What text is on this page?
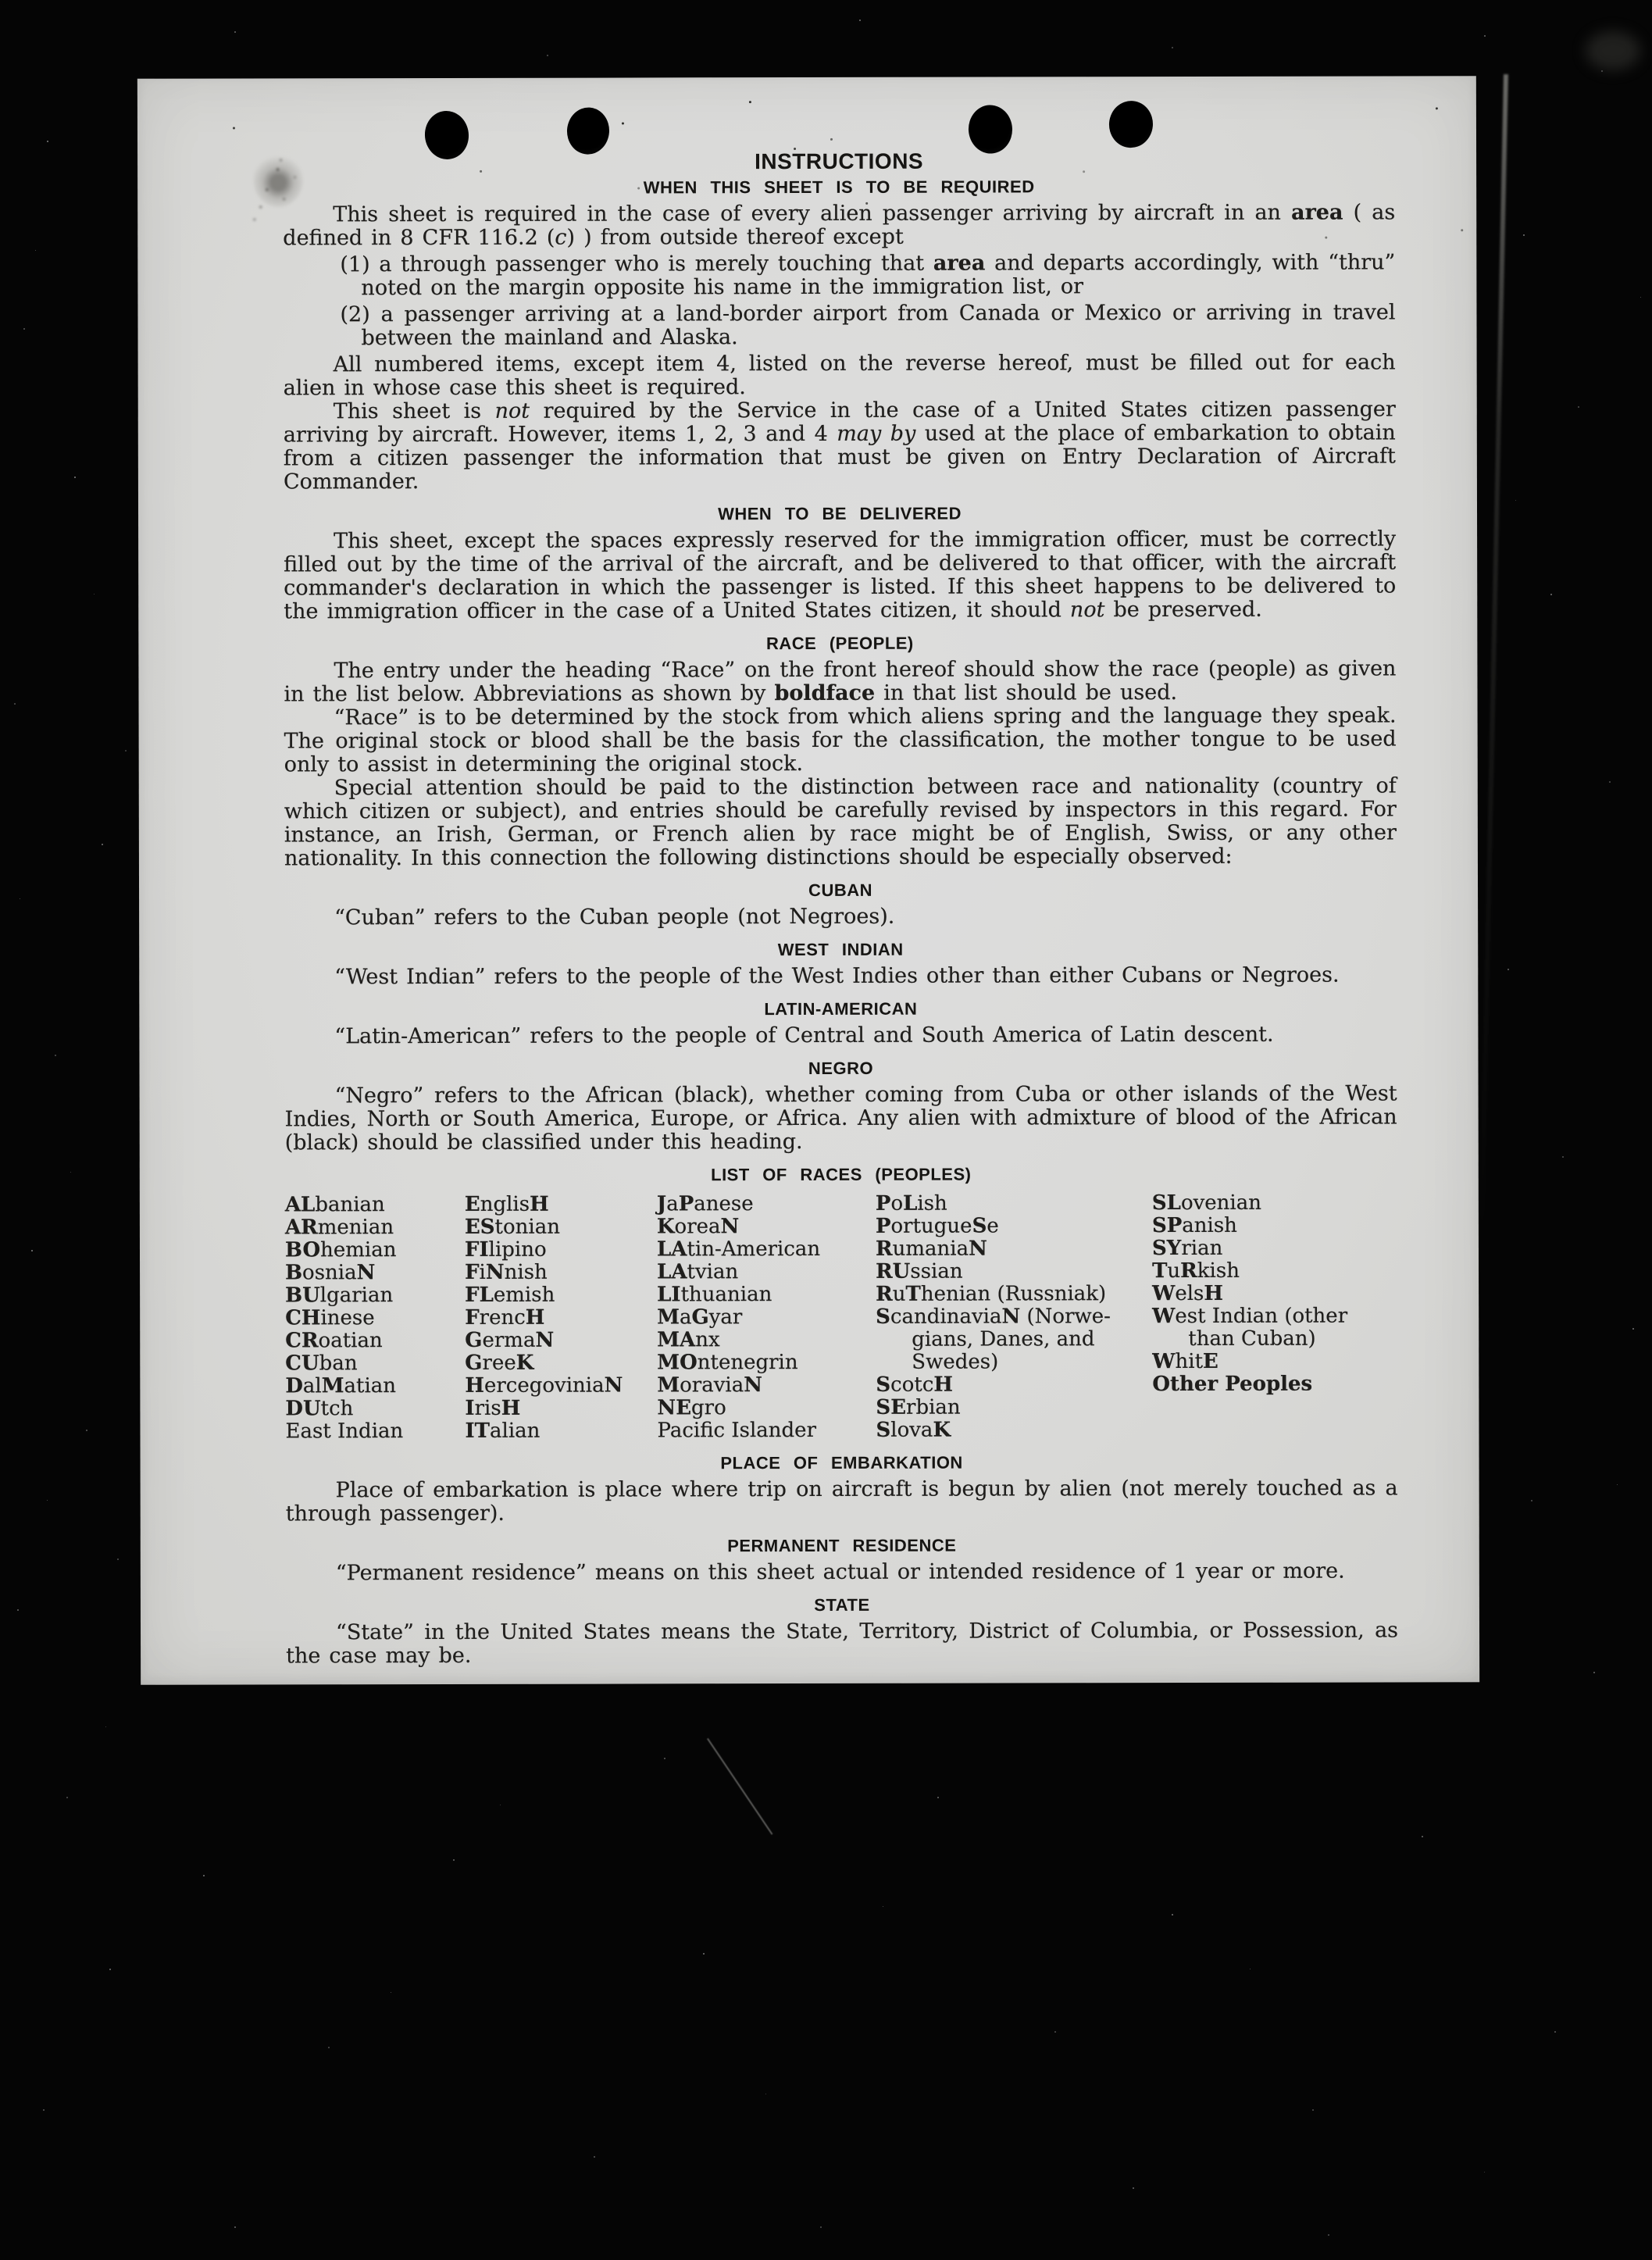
INSTRUCTIONS
WHEN THIS SHEET IS TO BE REQUIRED

This sheet is required in the case of every alien passenger arriving by aircraft in an area ( as defined in 8 CFR 116.2 (c) ) from outside thereof except

(1) a through passenger who is merely touching that area and departs accordingly, with “thru” noted on the margin opposite his name in the immigration list, or
(2) a passenger arriving at a land-border airport from Canada or Mexico or arriving in travel between the mainland and Alaska.

All numbered items, except item 4, listed on the reverse hereof, must be filled out for each alien in whose case this sheet is required.

This sheet is not required by the Service in the case of a United States citizen passenger arriving by aircraft. However, items 1, 2, 3 and 4 may by used at the place of embarkation to obtain from a citizen passenger the information that must be given on Entry Declaration of Aircraft Commander.

WHEN TO BE DELIVERED

This sheet, except the spaces expressly reserved for the immigration officer, must be correctly filled out by the time of the arrival of the aircraft, and be delivered to that officer, with the aircraft commander's declaration in which the passenger is listed. If this sheet happens to be delivered to the immigration officer in the case of a United States citizen, it should not be preserved.

RACE (PEOPLE)

The entry under the heading “Race” on the front hereof should show the race (people) as given in the list below. Abbreviations as shown by boldface in that list should be used.

“Race” is to be determined by the stock from which aliens spring and the language they speak. The original stock or blood shall be the basis for the classification, the mother tongue to be used only to assist in determining the original stock.

Special attention should be paid to the distinction between race and nationality (country of which citizen or subject), and entries should be carefully revised by inspectors in this regard. For instance, an Irish, German, or French alien by race might be of English, Swiss, or any other nationality. In this connection the following distinctions should be especially observed:

CUBAN

“Cuban” refers to the Cuban people (not Negroes).

WEST INDIAN

“West Indian” refers to the people of the West Indies other than either Cubans or Negroes.

LATIN-AMERICAN

“Latin-American” refers to the people of Central and South America of Latin descent.

NEGRO

“Negro” refers to the African (black), whether coming from Cuba or other islands of the West Indies, North or South America, Europe, or Africa. Any alien with admixture of blood of the African (black) should be classified under this heading.

LIST OF RACES (PEOPLES)
ALbanian
ARmenian
BOhemian
BosniaN
BUlgarian
CHinese
CRoatian
CUban
DalMatian
DUtch
East Indian
EnglisH
EStonian
FIlipino
FiNnish
FLemish
FrencH
GermaN
GreeK
HercegoviniaN
IrisH
ITalian
JaPanese
KoreaN
LAtin-American
LAtvian
LIthuanian
MaGyar
MAnx
MOntenegrin
MoraviaN
NEgro
Pacific Islander
PoLish
PortugueSe
RumaniaN
RUssian
RuThenian (Russniak)
ScandinaviaN (Norwe-
gians, Danes, and
Swedes)
ScotcH
SErbian
SlovaK
SLovenian
SPanish
SYrian
TuRkish
WelsH
West Indian (other
than Cuban)
WhitE
Other Peoples
PLACE OF EMBARKATION

Place of embarkation is place where trip on aircraft is begun by alien (not merely touched as a through passenger).

PERMANENT RESIDENCE

“Permanent residence” means on this sheet actual or intended residence of 1 year or more.

STATE

“State” in the United States means the State, Territory, District of Columbia, or Possession, as the case may be.
